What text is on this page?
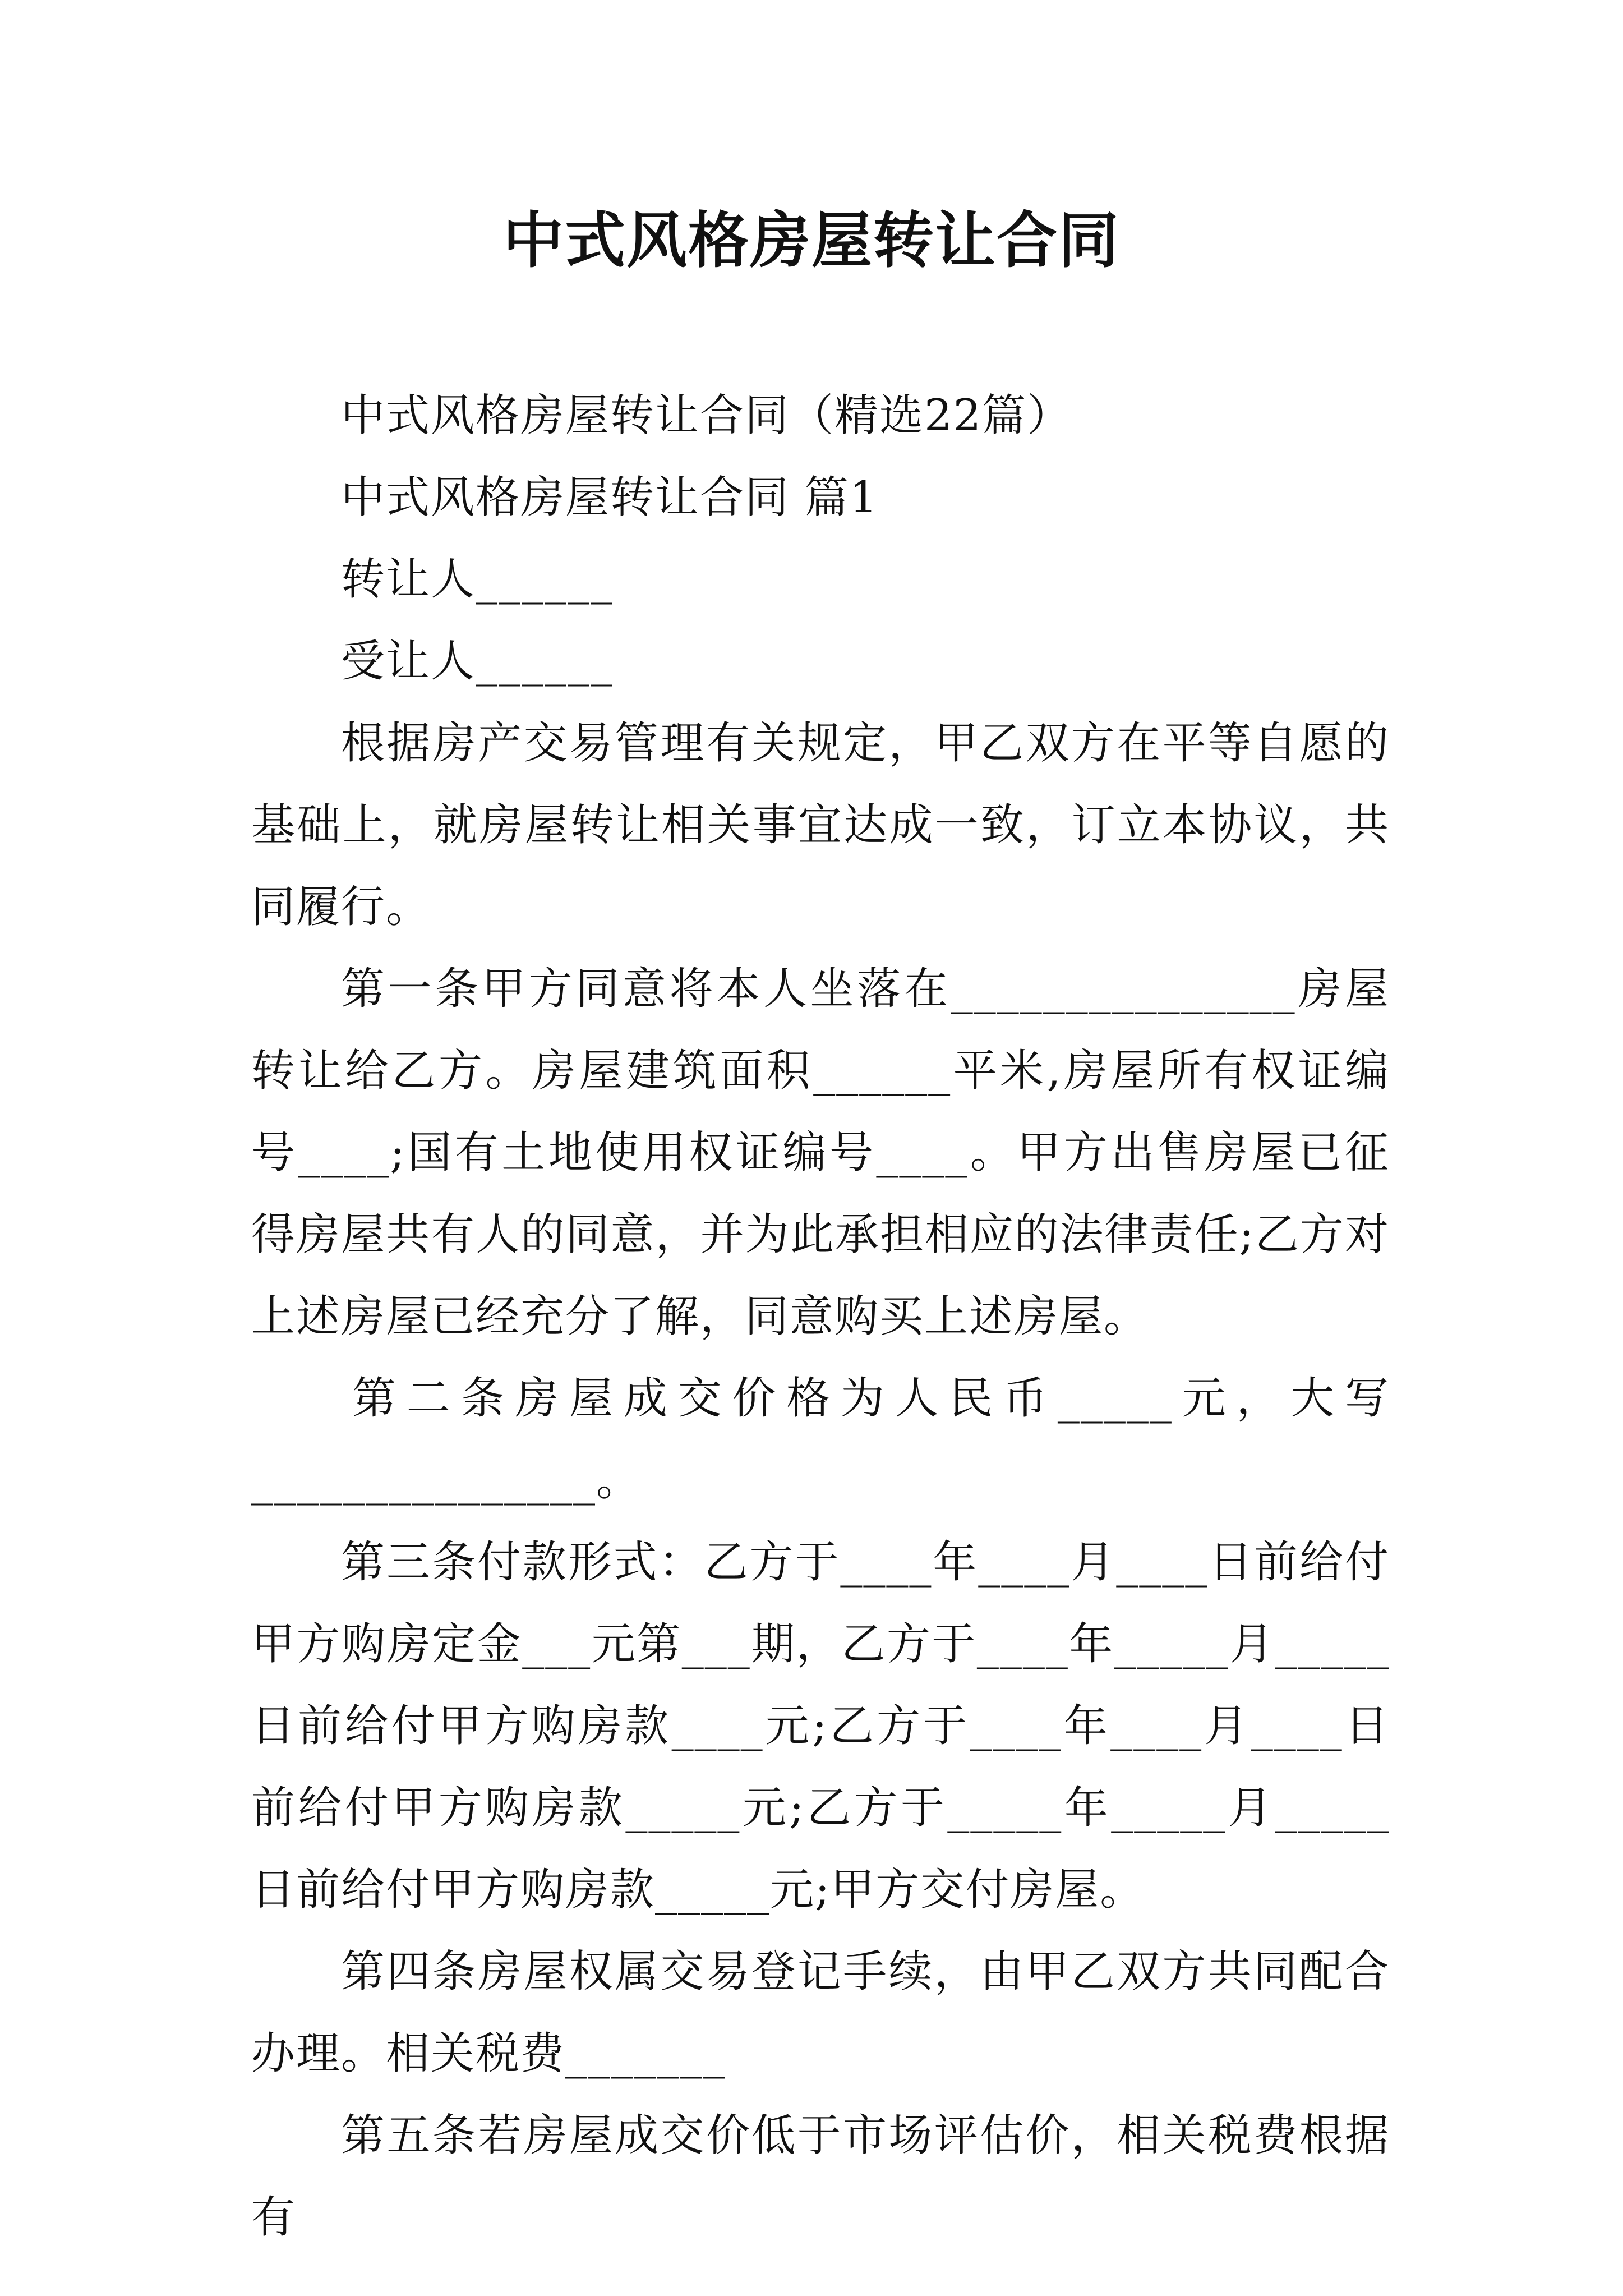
中式风格房屋转让合同

中式风格房屋转让合同（精选22篇）

中式风格房屋转让合同 篇1

转让人______

受让人______

根据房产交易管理有关规定，甲乙双方在平等自愿的基础上，就房屋转让相关事宜达成一致，订立本协议，共同履行。

第一条甲方同意将本人坐落在_______________房屋转让给乙方。房屋建筑面积______平米,房屋所有权证编号____;国有土地使用权证编号____。甲方出售房屋已征得房屋共有人的同意，并为此承担相应的法律责任;乙方对上述房屋已经充分了解，同意购买上述房屋。

第二条房屋成交价格为人民币_____元，大写

_______________。

第三条付款形式：乙方于____年____月____日前给付甲方购房定金___元第___期，乙方于____年_____月_____日前给付甲方购房款____元;乙方于____年____月____日前给付甲方购房款_____元;乙方于_____年_____月_____日前给付甲方购房款_____元;甲方交付房屋。

第四条房屋权属交易登记手续，由甲乙双方共同配合办理。相关税费_______

第五条若房屋成交价低于市场评估价，相关税费根据有
